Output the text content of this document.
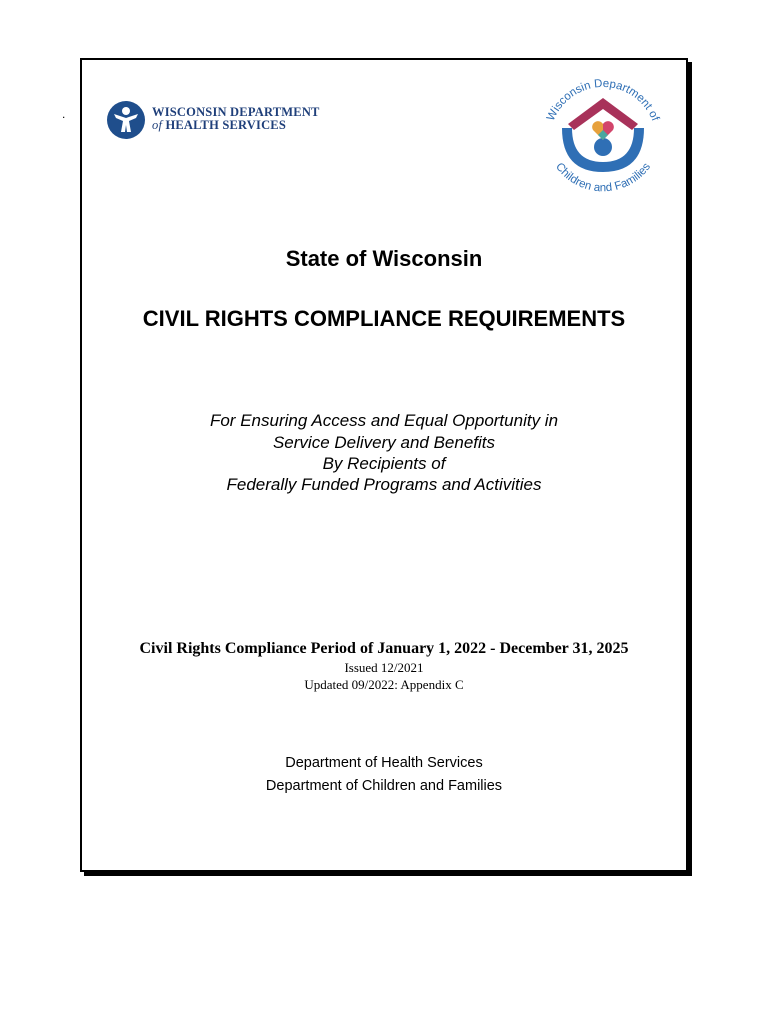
.	WISCONSIN DEPARTMENT
of HEALTH SERVICES
Wisconsin Department of
Children and Families
State of Wisconsin
CIVIL RIGHTS COMPLIANCE REQUIREMENTS
For Ensuring Access and Equal Opportunity in
Service Delivery and Benefits
By Recipients of
Federally Funded Programs and Activities
Civil Rights Compliance Period of January 1, 2022 - December 31, 2025
Issued 12/2021
Updated 09/2022: Appendix C
Department of Health Services
Department of Children and Families
